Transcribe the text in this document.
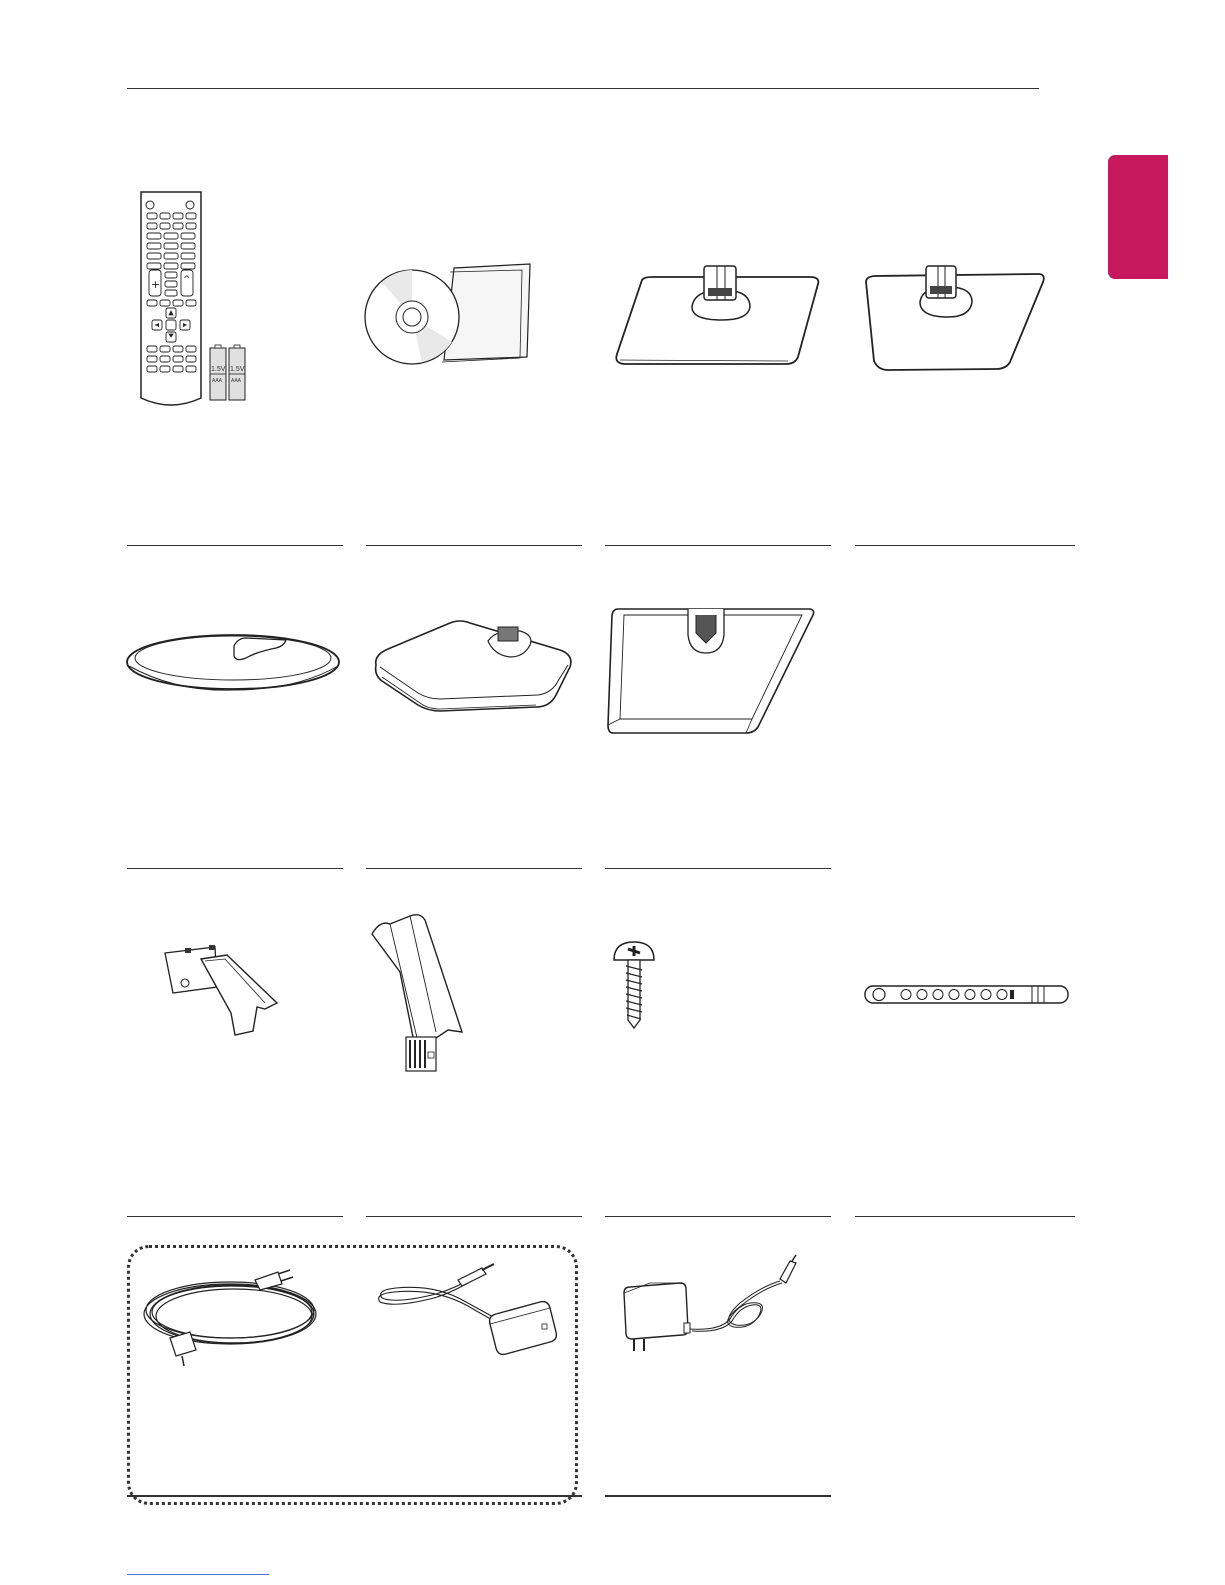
+	^
1.5V
AAA
1.5V
AAA
